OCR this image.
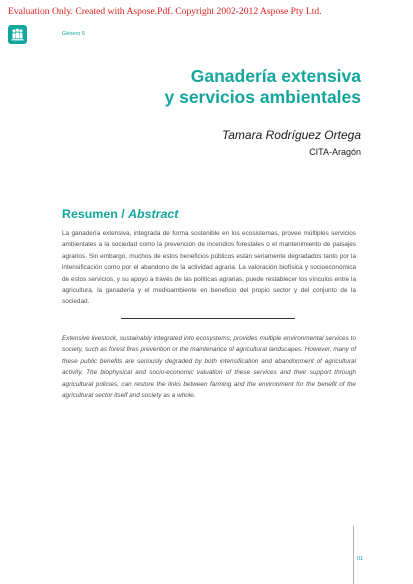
Evaluation Only. Created with Aspose.Pdf. Copyright 2002-2012 Aspose Pty Ltd.
Género 5
Ganadería extensiva
y servicios ambientales
Tamara Rodríguez Ortega
CITA-Aragón
Resumen / Abstract

La ganadería extensiva, integrada de forma sostenible en los ecosistemas, provee múltiples servicios ambientales a la sociedad como la prevención de incendios forestales o el mantenimiento de paisajes agrarios. Sin embargo, muchos de estos beneficios públicos están seriamente degradados tanto por la intensificación como por el abandono de la actividad agraria. La valoración biofísica y socioeconómica de estos servicios, y su apoyo a través de las políticas agrarias, puede restablecer los vínculos entre la agricultura, la ganadería y el medioambiente en beneficio del propio sector y del conjunto de la sociedad.

Extensive livestock, sustainably integrated into ecosystems, provides multiple environmental services to society, such as forest fires prevention or the maintenance of agricultural landscapes. However, many of these public benefits are seriously degraded by both intensification and abandonment of agricultural activity. The biophysical and socio-economic valuation of these services and their support through agricultural policies, can restore the links between farming and the environment for the benefit of the agricultural sector itself and society as a whole.

01
